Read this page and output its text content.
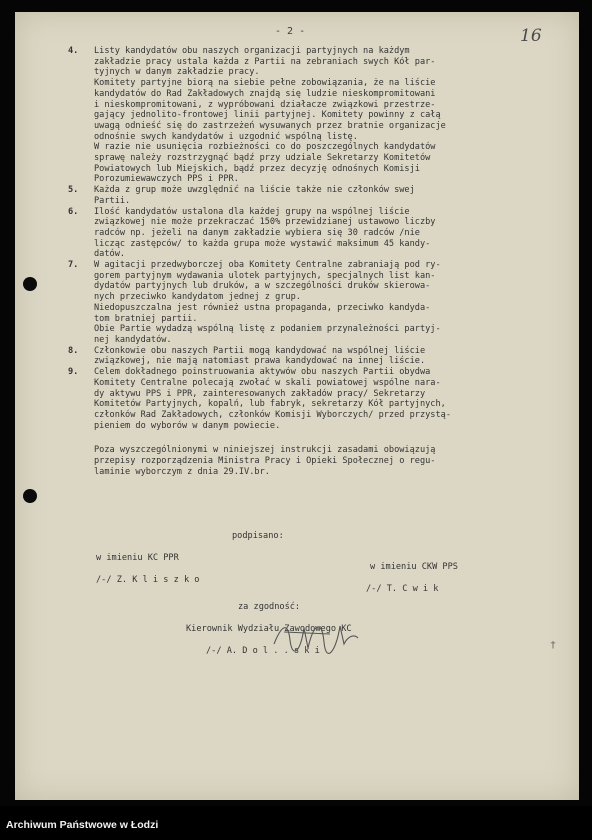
- 2 -	16
4.	Listy kandydatów obu naszych organizacji partyjnych na każdym
zakładzie pracy ustala każda z Partii na zebraniach swych Kół par-
tyjnych w danym zakładzie pracy.
Komitety partyjne biorą na siebie pełne zobowiązania, że na liście
kandydatów do Rad Zakładowych znajdą się ludzie nieskompromitowani
i nieskompromitowani, z wypróbowani działacze związkowi przestrze-
gający jednolito-frontowej linii partyjnej. Komitety powinny z całą
uwagą odnieść się do zastrzeżeń wysuwanych przez bratnie organizacje
odnośnie swych kandydatów i uzgodnić wspólną listę.
W razie nie usunięcia rozbieżności co do poszczególnych kandydatów
sprawę należy rozstrzygnąć bądź przy udziale Sekretarzy Komitetów
Powiatowych lub Miejskich, bądź przez decyzję odnośnych Komisji
Porozumiewawczych PPS i PPR.
5.	Każda z grup może uwzględnić na liście także nie członków swej
Partii.
6.	Ilość kandydatów ustalona dla każdej grupy na wspólnej liście
związkowej nie może przekraczać 150% przewidzianej ustawowo liczby
radców np. jeżeli na danym zakładzie wybiera się 30 radców /nie
licząc zastępców/ to każda grupa może wystawić maksimum 45 kandy-
datów.
7.	W agitacji przedwyborczej oba Komitety Centralne zabraniają pod ry-
gorem partyjnym wydawania ulotek partyjnych, specjalnych list kan-
dydatów partyjnych lub druków, a w szczególności druków skierowa-
nych przeciwko kandydatom jednej z grup.
Niedopuszczalna jest również ustna propaganda, przeciwko kandyda-
tom bratniej partii.
Obie Partie wydadzą wspólną listę z podaniem przynależności partyj-
nej kandydatów.
8.	Członkowie obu naszych Partii mogą kandydować na wspólnej liście
związkowej, nie mają natomiast prawa kandydować na innej liście.
9.	Celem dokładnego poinstruowania aktywów obu naszych Partii obydwa
Komitety Centralne polecają zwołać w skali powiatowej wspólne nara-
dy aktywu PPS i PPR, zainteresowanych zakładów pracy/ Sekretarzy
Komitetów Partyjnych, kopalń, lub fabryk, sekretarzy Kół partyjnych,
członków Rad Zakładowych, członków Komisji Wyborczych/ przed przystą-
pieniem do wyborów w danym powiecie.
Poza wyszczególnionymi w niniejszej instrukcji zasadami obowiązują
przepisy rozporządzenia Ministra Pracy i Opieki Społecznej o regu-
laminie wyborczym z dnia 29.IV.br.
podpisano:
w imieniu KC PPR
/-/ Z. K l i s z k o
w imieniu CKW PPS
/-/ T. C w i k
za zgodność:
Kierownik Wydziału Zawodowego KC
/-/ A. D o l . . s k i	†
Archiwum Państwowe w Łodzi
